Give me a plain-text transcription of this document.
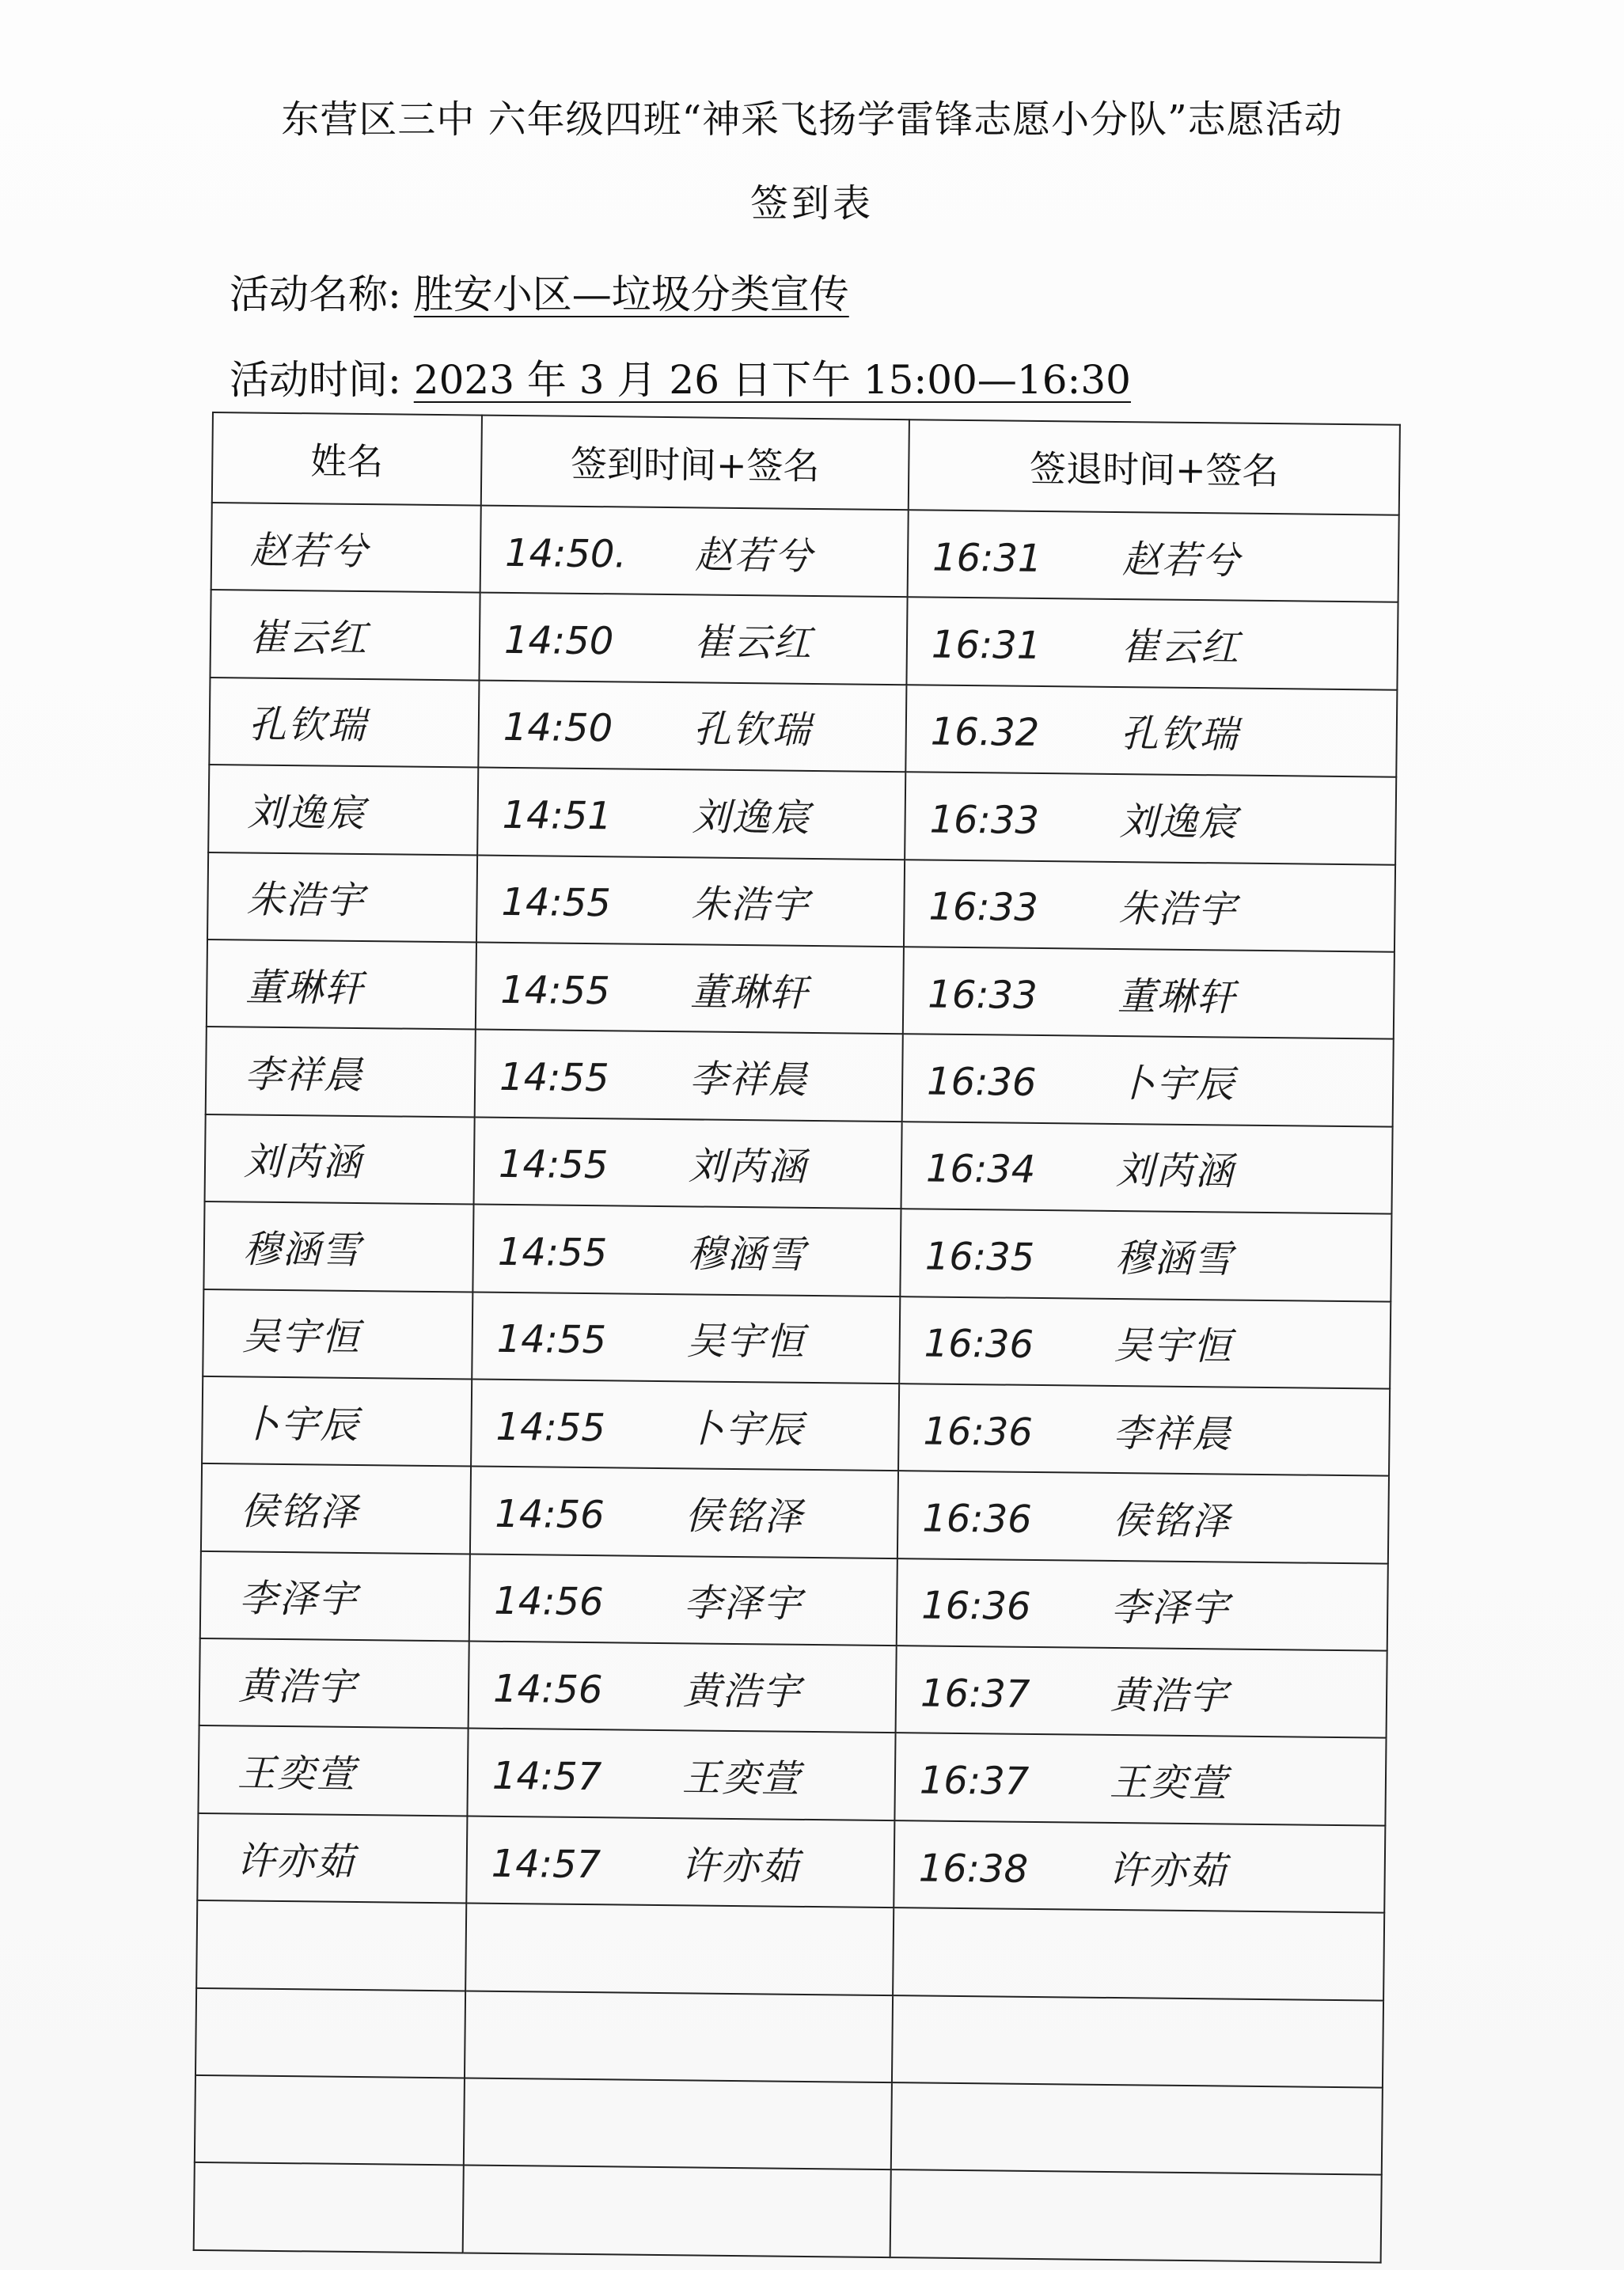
东营区三中 六年级四班“神采飞扬学雷锋志愿小分队”志愿活动
签到表
活动名称: 胜安小区—垃圾分类宣传
活动时间: 2023 年 3 月 26 日下午 15:00—16:30
姓名	签到时间+签名	签退时间+签名
赵若兮	14:50. 赵若兮	16:31 赵若兮
崔云红	14:50 崔云红	16:31 崔云红
孔钦瑞	14:50 孔钦瑞	16.32 孔钦瑞
刘逸宸	14:51 刘逸宸	16:33 刘逸宸
朱浩宇	14:55 朱浩宇	16:33 朱浩宇
董琳轩	14:55 董琳轩	16:33 董琳轩
李祥晨	14:55 李祥晨	16:36 卜宇辰
刘芮涵	14:55 刘芮涵	16:34 刘芮涵
穆涵雪	14:55 穆涵雪	16:35 穆涵雪
吴宇恒	14:55 吴宇恒	16:36 吴宇恒
卜宇辰	14:55 卜宇辰	16:36 李祥晨
侯铭泽	14:56 侯铭泽	16:36 侯铭泽
李泽宇	14:56 李泽宇	16:36 李泽宇
黄浩宇	14:56 黄浩宇	16:37 黄浩宇
王奕萱	14:57 王奕萱	16:37 王奕萱
许亦茹	14:57 许亦茹	16:38 许亦茹
